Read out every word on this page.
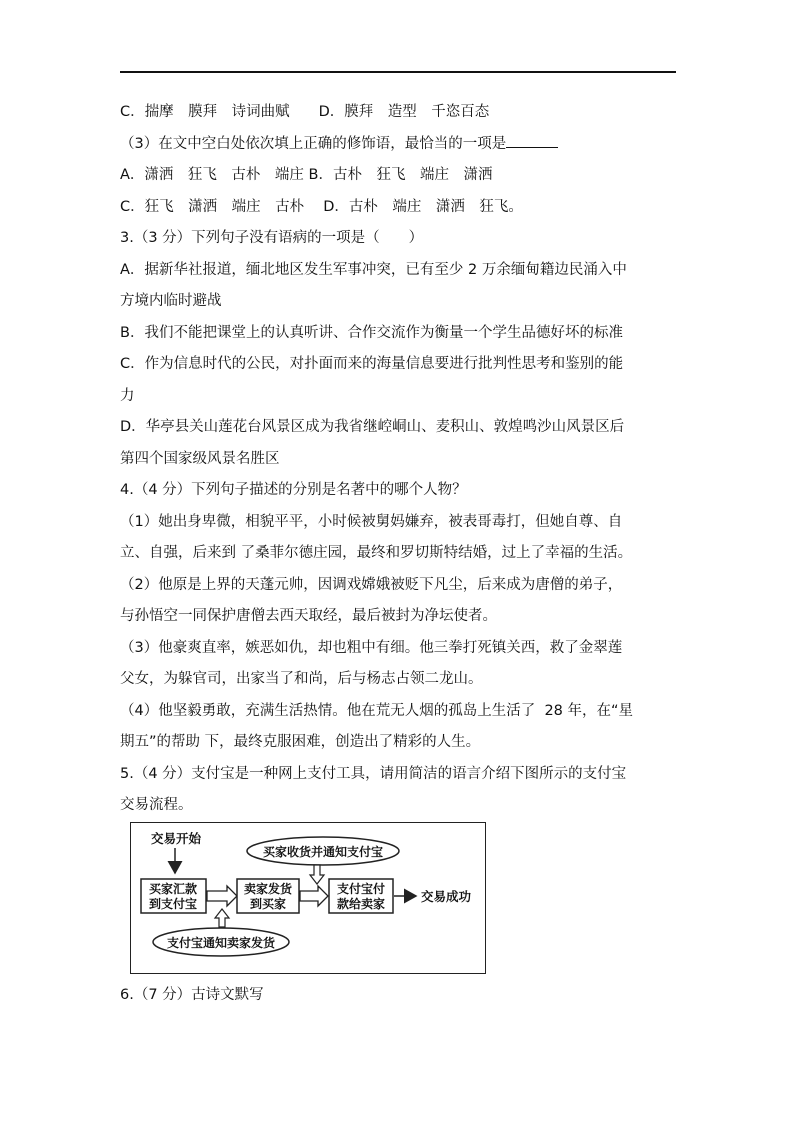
C．揣摩　膜拜　诗词曲赋　　D．膜拜　造型　千恣百态
（3）在文中空白处依次填上正确的修饰语，最恰当的一项是
A．潇洒　狂飞　古朴　端庄 B．古朴　狂飞　端庄　潇洒
C．狂飞　潇洒　端庄　古朴　 D．古朴　端庄　潇洒　狂飞。
3.（3 分）下列句子没有语病的一项是（　　）
A．据新华社报道，缅北地区发生军事冲突，已有至少 2 万余缅甸籍边民涌入中
方境内临时避战
B．我们不能把课堂上的认真听讲、合作交流作为衡量一个学生品德好坏的标准
C．作为信息时代的公民，对扑面而来的海量信息要进行批判性思考和鉴别的能
力
D．华亭县关山莲花台风景区成为我省继崆峒山、麦积山、敦煌鸣沙山风景区后
第四个国家级风景名胜区
4.（4 分）下列句子描述的分别是名著中的哪个人物？
（1）她出身卑微，相貌平平，小时候被舅妈嫌弃，被表哥毒打，但她自尊、自
立、自强，后来到 了桑菲尔德庄园，最终和罗切斯特结婚，过上了幸福的生活。
（2）他原是上界的天蓬元帅，因调戏嫦娥被贬下凡尘，后来成为唐僧的弟子，
与孙悟空一同保护唐僧去西天取经，最后被封为净坛使者。
（3）他豪爽直率，嫉恶如仇，却也粗中有细。他三拳打死镇关西，救了金翠莲
父女，为躲官司，出家当了和尚，后与杨志占领二龙山。
（4）他坚毅勇敢，充满生活热情。他在荒无人烟的孤岛上生活了  28 年，在“星
期五”的帮助 下，最终克服困难，创造出了精彩的人生。
5.（4 分）支付宝是一种网上支付工具，请用简洁的语言介绍下图所示的支付宝
交易流程。
交易开始
买家汇款
到支付宝
卖家发货
到买家
支付宝付
款给卖家	交易成功
买家收货并通知支付宝
支付宝通知卖家发货
6.（7 分）古诗文默写
